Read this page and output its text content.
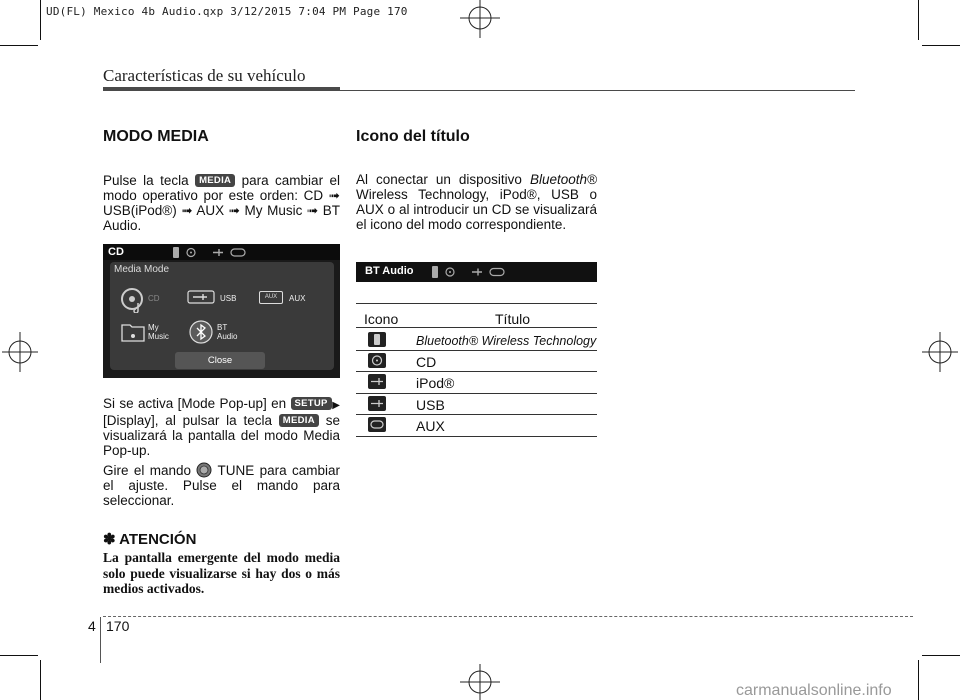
UD(FL) Mexico 4b Audio.qxp 3/12/2015 7:04 PM Page 170
Características de su vehículo
MODO MEDIA
Pulse la tecla MEDIA para cambiar el modo operativo por este orden: CD ➟ USB(iPod®) ➟ AUX ➟ My Music ➟ BT Audio.
CD
Media Mode
CD	USB	AUX	AUX
My
Music
BT
Audio
Close
Si se activa [Mode Pop-up] en SETUP ▶ [Display], al pulsar la tecla MEDIA se visualizará la pantalla del modo Media Pop-up.
Gire el mando TUNE para cambiar el ajuste. Pulse el mando para seleccionar.
✽ ATENCIÓN
La pantalla emergente del modo media solo puede visualizarse si hay dos o más medios activados.
Icono del título
Al conectar un dispositivo Bluetooth® Wireless Technology, iPod®, USB o AUX o al introducir un CD se visualizará el icono del modo correspondiente.
BT Audio
Icono	Título
Bluetooth® Wireless Technology
CD
iPod®
USB
AUX
4 170
carmanualsonline.info
